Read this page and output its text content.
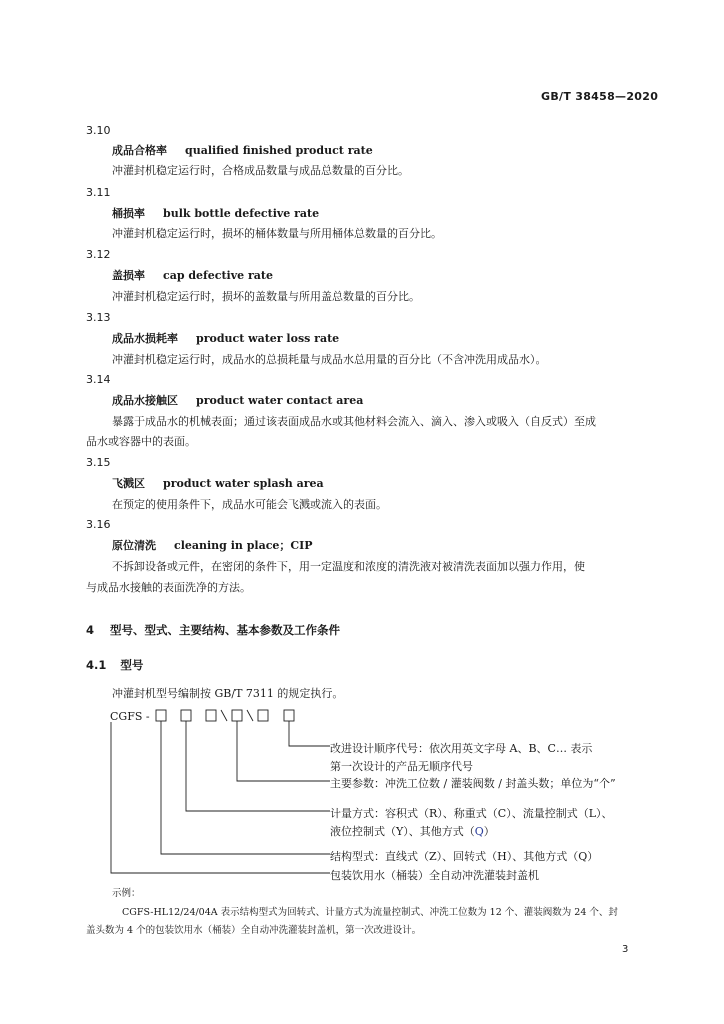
GB/T 38458—2020
3.10
成品合格率 qualified finished product rate
冲灌封机稳定运行时，合格成品数量与成品总数量的百分比。
3.11
桶损率 bulk bottle defective rate
冲灌封机稳定运行时，损坏的桶体数量与所用桶体总数量的百分比。
3.12
盖损率 cap defective rate
冲灌封机稳定运行时，损坏的盖数量与所用盖总数量的百分比。
3.13
成品水损耗率 product water loss rate
冲灌封机稳定运行时，成品水的总损耗量与成品水总用量的百分比（不含冲洗用成品水）。
3.14
成品水接触区 product water contact area
暴露于成品水的机械表面；通过该表面成品水或其他材料会流入、滴入、渗入或吸入（自反式）至成
品水或容器中的表面。
3.15
飞溅区 product water splash area
在预定的使用条件下，成品水可能会飞溅或流入的表面。
3.16
原位清洗 cleaning in place；CIP
不拆卸设备或元件，在密闭的条件下，用一定温度和浓度的清洗液对被清洗表面加以强力作用，使
与成品水接触的表面洗净的方法。
4 型号、型式、主要结构、基本参数及工作条件
4.1 型号
冲灌封机型号编制按 GB/T 7311 的规定执行。
CGFS -
改进设计顺序代号：依次用英文字母 A、B、C… 表示
第一次设计的产品无顺序代号
主要参数：冲洗工位数 / 灌装阀数 / 封盖头数；单位为“个”
计量方式：容积式（R）、称重式（C）、流量控制式（L）、
液位控制式（Y）、其他方式（Q）
结构型式：直线式（Z）、回转式（H）、其他方式（Q）
包装饮用水（桶装）全自动冲洗灌装封盖机
示例：
CGFS-HL12/24/04A 表示结构型式为回转式、计量方式为流量控制式、冲洗工位数为 12 个、灌装阀数为 24 个、封
盖头数为 4 个的包装饮用水（桶装）全自动冲洗灌装封盖机，第一次改进设计。
3
